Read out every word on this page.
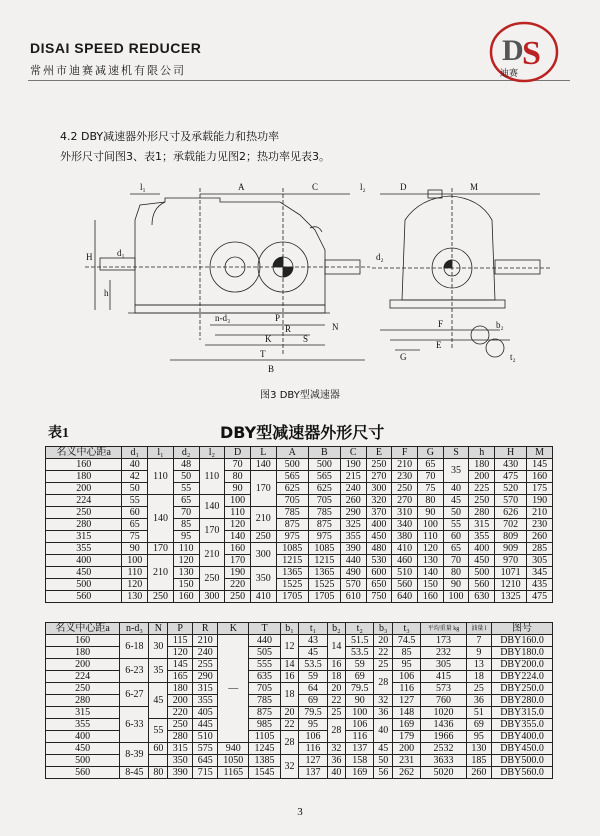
DISAI SPEED REDUCER
常州市迪赛减速机有限公司
D
S
迪赛
4.2 DBY减速器外形尺寸及承载能力和热功率
外形尺寸间图3、表1；承载能力见图2；热功率见表3。
l₁	A	C	l₂	D	M
H
h
d₁	d₂
n-d₃	P
R
K	S
N
T
B
F
E
G
b₂
t₂
图3 DBY型减速器
表1	DBY型减速器外形尺寸
名义中心距a	d₁	l₁	d₂	l₂	D	L	A	B	C	E	F	G	S	h	H	M
160	40	110	48	110	70	140	500	500	190	250	210	65	35	180	430	145
180	42		50		80	170	565	565	215	270	230	70		200	475	160
200	50		55		90		625	625	240	300	250	75	40	225	520	175
224	55	140	65	140	100		705	705	260	320	270	80	45	250	570	190
250	60		70		110	210	785	785	290	370	310	90	50	280	626	210
280	65		85	170	120		875	875	325	400	340	100	55	315	702	230
315	75		95		140	250	975	975	355	450	380	110	60	355	809	260
355	90	170	110	210	160	300	1085	1085	390	480	410	120	65	400	909	285
400	100	210	120		170		1215	1215	440	530	460	130	70	450	970	305
450	110		130	250	190	350	1365	1365	490	600	510	140	80	500	1071	345
500	120		150		220		1525	1525	570	650	560	150	90	560	1210	435
560	130	250	160	300	250	410	1705	1705	610	750	640	160	100	630	1325	475
名义中心距a	n-d₃	N	P	R	K	T	b₁	t₁	b₂	t₂	b₃	t₃	平均重量 kg	油量 l	图号
160	6-18	30	115	210	—	440	12	43	14	51.5	20	74.5	173	7	DBY160.0
180			120	240		505		45		53.5	22	85	232	9	DBY180.0
200	6-23	35	145	255		555	14	53.5	16	59	25	95	305	13	DBY200.0
224			165	290		635	16	59	18	69	28	106	415	18	DBY224.0
250	6-27	45	180	315		705	18	64	20	79.5		116	573	25	DBY250.0
280			200	355		785		69	22	90	32	127	760	36	DBY280.0
315	6-33		220	405		875	20	79.5	25	100	36	148	1020	51	DBY315.0
355		55	250	445		985	22	95	28	106	40	169	1436	69	DBY355.0
400			280	510		1105	28	106		116		179	1966	95	DBY400.0
450	8-39	60	315	575	940	1245		116	32	137	45	200	2532	130	DBY450.0
500			350	645	1050	1385	32	127	36	158	50	231	3633	185	DBY500.0
560	8-45	80	390	715	1165	1545		137	40	169	56	262	5020	260	DBY560.0
3
